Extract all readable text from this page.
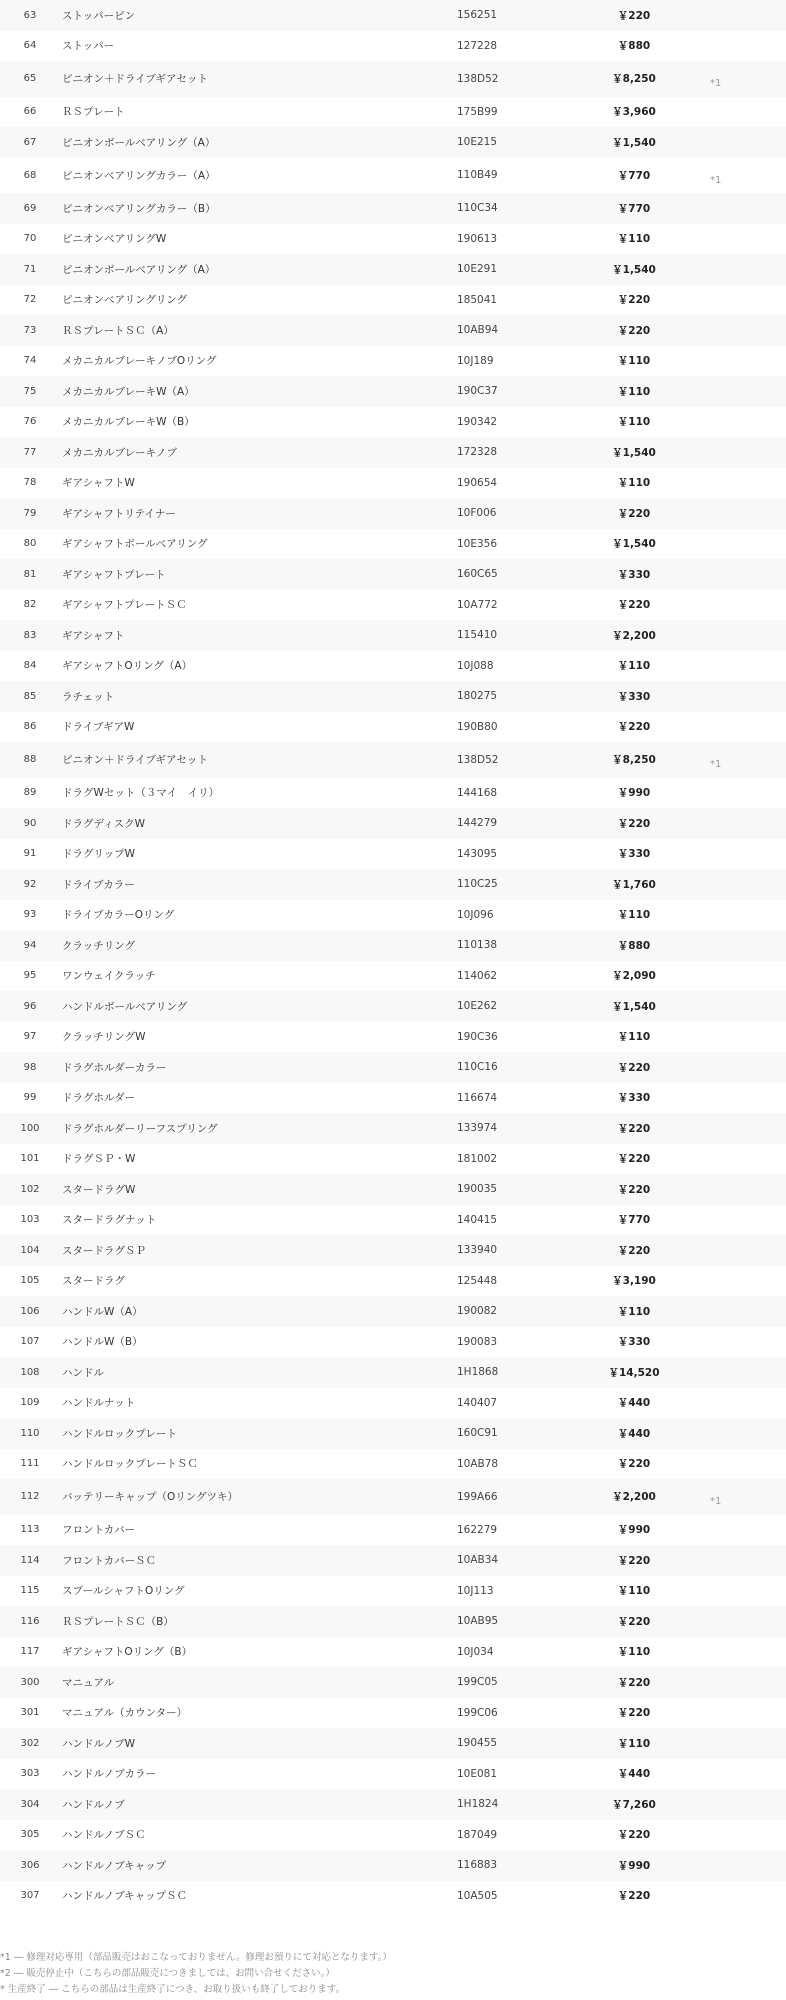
63	ストッパーピン	156251	￥220	
64	ストッパー	127228	￥880	
65	ピニオン＋ドライブギアセット	138D52	￥8,250	*1
66	ＲＳプレート	175B99	￥3,960	
67	ピニオンボールベアリング（A）	10E215	￥1,540	
68	ピニオンベアリングカラー（A）	110B49	￥770	*1
69	ピニオンベアリングカラー（B）	110C34	￥770	
70	ピニオンベアリングW	190613	￥110	
71	ピニオンボールベアリング（A）	10E291	￥1,540	
72	ピニオンベアリングリング	185041	￥220	
73	ＲＳプレートＳＣ（A）	10AB94	￥220	
74	メカニカルブレーキノブOリング	10J189	￥110	
75	メカニカルブレーキW（A）	190C37	￥110	
76	メカニカルブレーキW（B）	190342	￥110	
77	メカニカルブレーキノブ	172328	￥1,540	
78	ギアシャフトW	190654	￥110	
79	ギアシャフトリテイナー	10F006	￥220	
80	ギアシャフトボールベアリング	10E356	￥1,540	
81	ギアシャフトプレート	160C65	￥330	
82	ギアシャフトプレートＳＣ	10A772	￥220	
83	ギアシャフト	115410	￥2,200	
84	ギアシャフトOリング（A）	10J088	￥110	
85	ラチェット	180275	￥330	
86	ドライブギアW	190B80	￥220	
88	ピニオン＋ドライブギアセット	138D52	￥8,250	*1
89	ドラグWセット（３マイ　イリ）	144168	￥990	
90	ドラグディスクW	144279	￥220	
91	ドラグリップW	143095	￥330	
92	ドライブカラー	110C25	￥1,760	
93	ドライブカラーOリング	10J096	￥110	
94	クラッチリング	110138	￥880	
95	ワンウェイクラッチ	114062	￥2,090	
96	ハンドルボールベアリング	10E262	￥1,540	
97	クラッチリングW	190C36	￥110	
98	ドラグホルダーカラー	110C16	￥220	
99	ドラグホルダー	116674	￥330	
100	ドラグホルダーリーフスプリング	133974	￥220	
101	ドラグＳＰ・W	181002	￥220	
102	スタードラグW	190035	￥220	
103	スタードラグナット	140415	￥770	
104	スタードラグＳＰ	133940	￥220	
105	スタードラグ	125448	￥3,190	
106	ハンドルW（A）	190082	￥110	
107	ハンドルW（B）	190083	￥330	
108	ハンドル	1H1868	￥14,520	
109	ハンドルナット	140407	￥440	
110	ハンドルロックプレート	160C91	￥440	
111	ハンドルロックプレートＳＣ	10AB78	￥220	
112	バッテリーキャップ（Oリングツキ）	199A66	￥2,200	*1
113	フロントカバー	162279	￥990	
114	フロントカバーＳＣ	10AB34	￥220	
115	スプールシャフトOリング	10J113	￥110	
116	ＲＳプレートＳＣ（B）	10AB95	￥220	
117	ギアシャフトOリング（B）	10J034	￥110	
300	マニュアル	199C05	￥220	
301	マニュアル（カウンター）	199C06	￥220	
302	ハンドルノブW	190455	￥110	
303	ハンドルノブカラー	10E081	￥440	
304	ハンドルノブ	1H1824	￥7,260	
305	ハンドルノブＳＣ	187049	￥220	
306	ハンドルノブキャップ	116883	￥990	
307	ハンドルノブキャップＳＣ	10A505	￥220	
*1 ― 修理対応専用（部品販売はおこなっておりません。修理お預りにて対応となります。）
*2 ― 販売停止中（こちらの部品販売につきましては、お問い合せください。）
* 生産終了 ― こちらの部品は生産終了につき、お取り扱いも終了しております。
